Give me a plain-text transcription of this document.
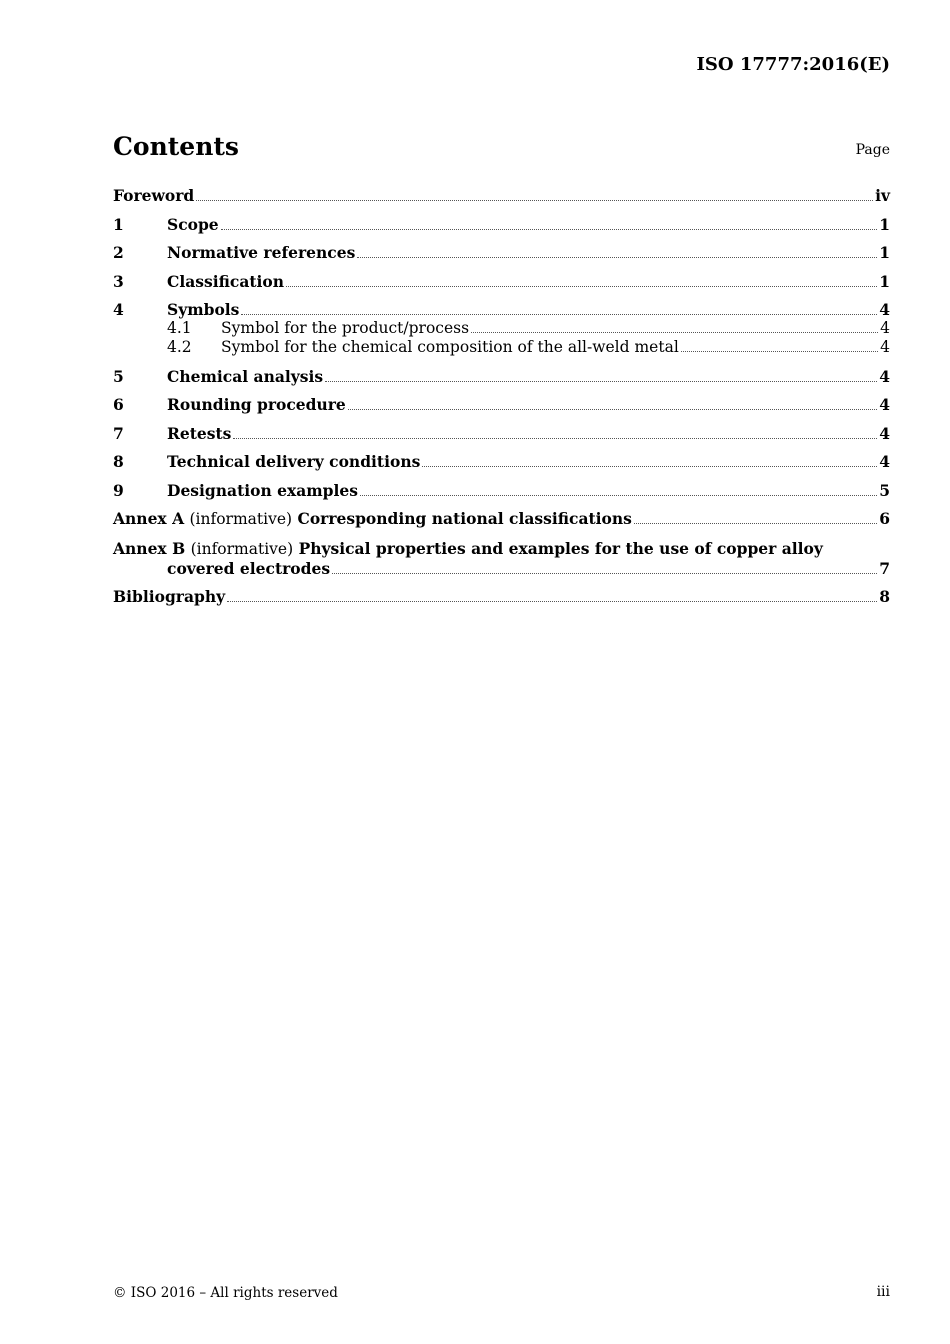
ISO 17777:2016(E)
Contents	Page
Foreword	iv
1	Scope	1
2	Normative references	1
3	Classification	1
4	Symbols	4
4.1	Symbol for the product/process	4
4.2	Symbol for the chemical composition of the all-weld metal	4
5	Chemical analysis	4
6	Rounding procedure	4
7	Retests	4
8	Technical delivery conditions	4
9	Designation examples	5
Annex A (informative) Corresponding national classifications	6
Annex B (informative) Physical properties and examples for the use of copper alloy
covered electrodes	7
Bibliography	8
© ISO 2016 – All rights reserved	iii
